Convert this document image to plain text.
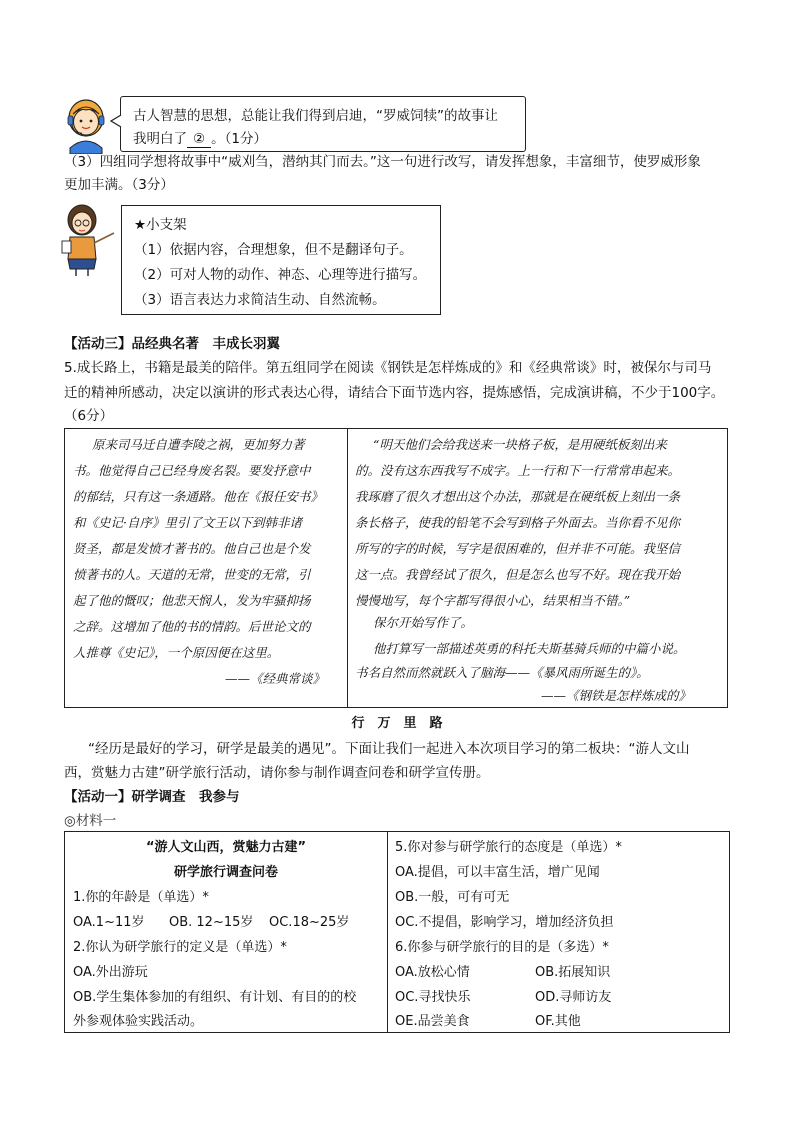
古人智慧的思想，总能让我们得到启迪，“罗威饲犊”的故事让
我明白了 ② 。（1分）
（3）四组同学想将故事中“威刈刍，潜纳其门而去。”这一句进行改写，请发挥想象，丰富细节，使罗威形象
更加丰满。（3分）
★小支架
（1）依据内容，合理想象，但不是翻译句子。
（2）可对人物的动作、神态、心理等进行描写。
（3）语言表达力求简洁生动、自然流畅。
【活动三】品经典名著　丰成长羽翼
5.成长路上，书籍是最美的陪伴。第五组同学在阅读《钢铁是怎样炼成的》和《经典常谈》时，被保尔与司马
迁的精神所感动，决定以演讲的形式表达心得，请结合下面节选内容，提炼感悟，完成演讲稿，不少于100字。
（6分）
原来司马迁自遭李陵之祸，更加努力著
书。他觉得自己已经身废名裂。要发抒意中
的郁结，只有这一条通路。他在《报任安书》
和《史记·自序》里引了文王以下到韩非诸
贤圣，都是发愤才著书的。他自己也是个发
愤著书的人。天道的无常，世变的无常，引
起了他的慨叹；他悲天悯人，发为牢骚抑扬
之辞。这增加了他的书的情韵。后世论文的
人推尊《史记》，一个原因便在这里。
——《经典常谈》
“明天他们会给我送来一块格子板，是用硬纸板刻出来
的。没有这东西我写不成字。上一行和下一行常常串起来。
我琢磨了很久才想出这个办法，那就是在硬纸板上刻出一条
条长格子，使我的铅笔不会写到格子外面去。当你看不见你
所写的字的时候，写字是很困难的，但并非不可能。我坚信
这一点。我曾经试了很久，但是怎么也写不好。现在我开始
慢慢地写，每个字都写得很小心，结果相当不错。”
保尔开始写作了。
他打算写一部描述英勇的科托夫斯基骑兵师的中篇小说。
书名自然而然就跃入了脑海——《暴风雨所诞生的》。
——《钢铁是怎样炼成的》
行　万　里　路
“经历是最好的学习，研学是最美的遇见”。下面让我们一起进入本次项目学习的第二板块：“游人文山
西，赏魅力古建”研学旅行活动，请你参与制作调查问卷和研学宣传册。
【活动一】研学调查　我参与
◎材料一
“游人文山西，赏魅力古建”
研学旅行调查问卷
1.你的年龄是（单选）*
OA.1~11岁 OB. 12~15岁 OC.18~25岁
2.你认为研学旅行的定义是（单选）*
OA.外出游玩
OB.学生集体参加的有组织、有计划、有目的的校
外参观体验实践活动。
5.你对参与研学旅行的态度是（单选）*
OA.提倡，可以丰富生活，增广见闻
OB.一般，可有可无
OC.不提倡，影响学习，增加经济负担
6.你参与研学旅行的目的是（多选）*
OA.放松心情	OB.拓展知识
OC.寻找快乐	OD.寻师访友
OE.品尝美食	OF.其他
